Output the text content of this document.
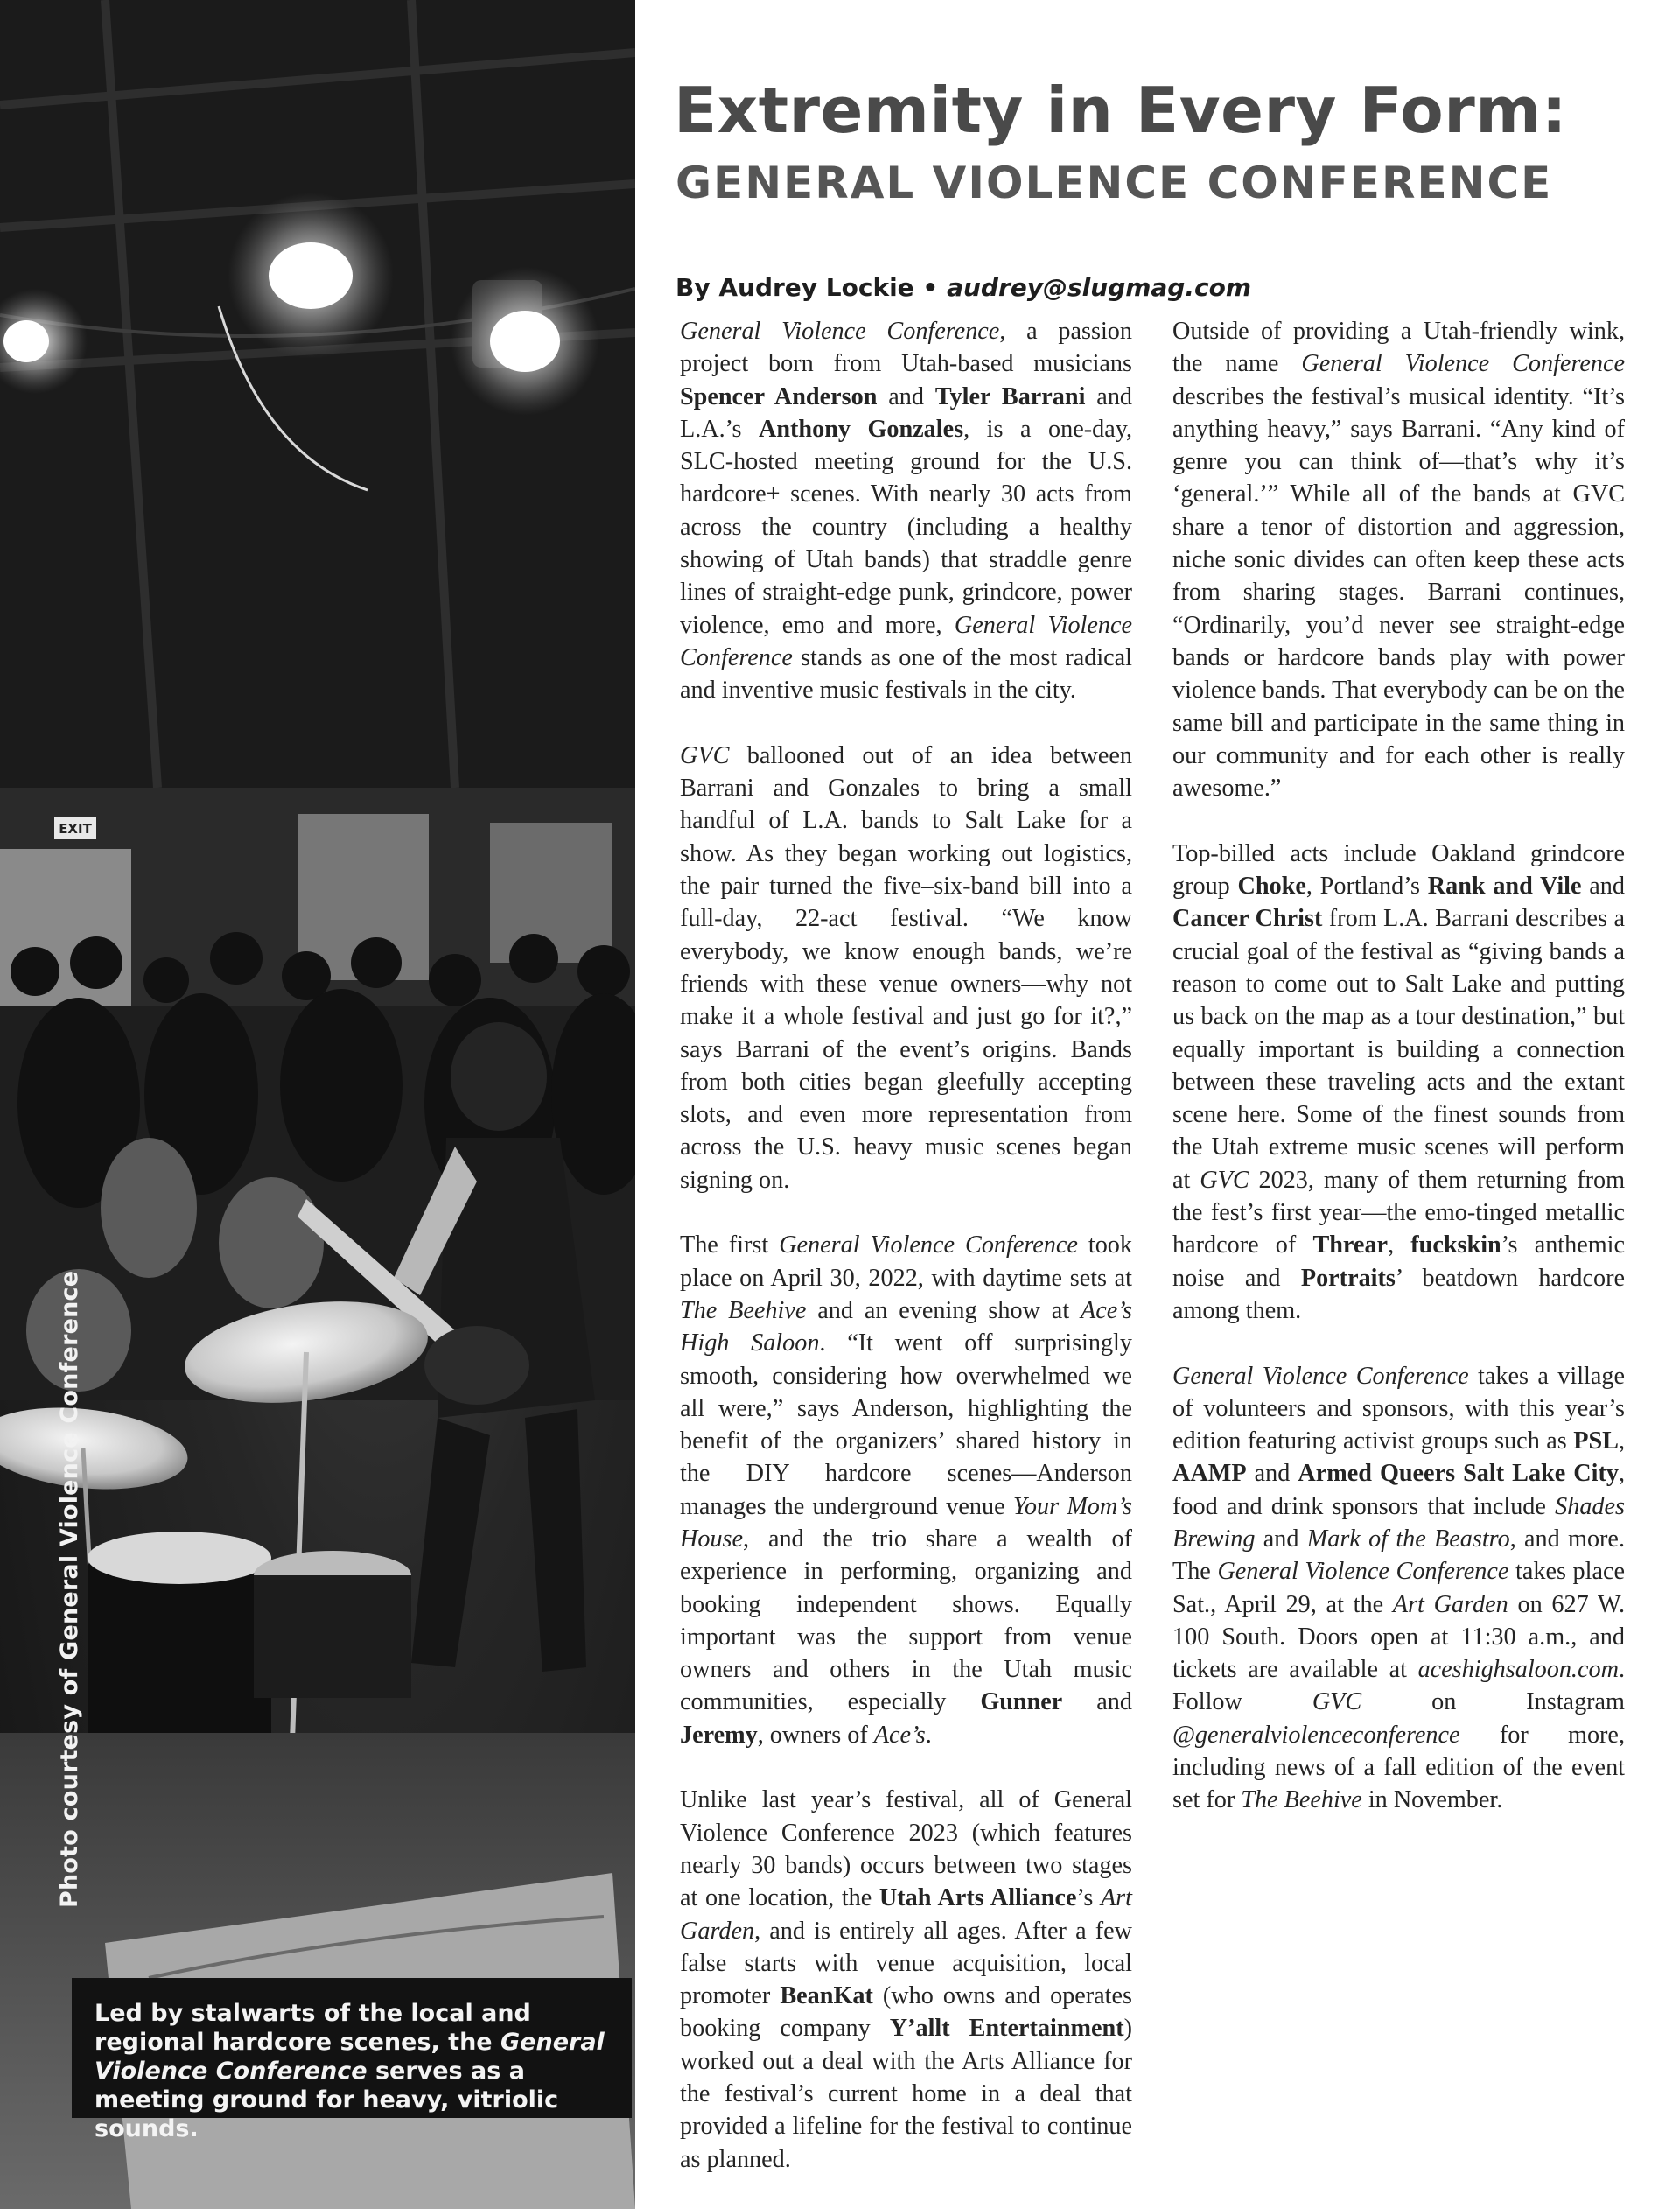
EXIT
Photo courtesy of General Violence Conference
Led by stalwarts of the local and regional hardcore scenes, the General Violence Conference serves as a meeting ground for heavy, vitriolic sounds.
Extremity in Every Form:
GENERAL VIOLENCE CONFERENCE
By Audrey Lockie • audrey@slugmag.com

General Violence Conference, a passion project born from Utah-based musicians Spencer Anderson and Tyler Barrani and L.A.’s Anthony Gonzales, is a one-day, SLC-hosted meeting ground for the U.S. hardcore+ scenes. With nearly 30 acts from across the country (including a healthy showing of Utah bands) that straddle genre lines of straight-edge punk, grindcore, power violence, emo and more, General Violence Conference stands as one of the most radical and inventive music festivals in the city.

GVC ballooned out of an idea between Barrani and Gonzales to bring a small handful of L.A. bands to Salt Lake for a show. As they began working out logistics, the pair turned the five–six-band bill into a full-day, 22-act festival. “We know everybody, we know enough bands, we’re friends with these venue owners—why not make it a whole festival and just go for it?,” says Barrani of the event’s origins. Bands from both cities began gleefully accepting slots, and even more representation from across the U.S. heavy music scenes began signing on.

The first General Violence Conference took place on April 30, 2022, with daytime sets at The Beehive and an evening show at Ace’s High Saloon. “It went off surprisingly smooth, considering how overwhelmed we all were,” says Anderson, highlighting the benefit of the organizers’ shared history in the DIY hardcore scenes—Anderson manages the underground venue Your Mom’s House, and the trio share a wealth of experience in performing, organizing and booking independent shows. Equally important was the support from venue owners and others in the Utah music communities, especially Gunner and Jeremy, owners of Ace’s.

Unlike last year’s festival, all of General Violence Conference 2023 (which features nearly 30 bands) occurs between two stages at one location, the Utah Arts Alliance’s Art Garden, and is entirely all ages. After a few false starts with venue acquisition, local promoter BeanKat (who owns and operates booking company Y’allt Entertainment) worked out a deal with the Arts Alliance for the festival’s current home in a deal that provided a lifeline for the festival to continue as planned.

Outside of providing a Utah-friendly wink, the name General Violence Conference describes the festival’s musical identity. “It’s anything heavy,” says Barrani. “Any kind of genre you can think of—that’s why it’s ‘general.’” While all of the bands at GVC share a tenor of distortion and aggression, niche sonic divides can often keep these acts from sharing stages. Barrani continues, “Ordinarily, you’d never see straight-edge bands or hardcore bands play with power violence bands. That everybody can be on the same bill and participate in the same thing in our community and for each other is really awesome.”

Top-billed acts include Oakland grindcore group Choke, Portland’s Rank and Vile and Cancer Christ from L.A. Barrani describes a crucial goal of the festival as “giving bands a reason to come out to Salt Lake and putting us back on the map as a tour destination,” but equally important is building a connection between these traveling acts and the extant scene here. Some of the finest sounds from the Utah extreme music scenes will perform at GVC 2023, many of them returning from the fest’s first year—the emo-tinged metallic hardcore of Threar, fuckskin’s anthemic noise and Portraits’ beatdown hardcore among them.

General Violence Conference takes a village of volunteers and sponsors, with this year’s edition featuring activist groups such as PSL, AAMP and Armed Queers Salt Lake City, food and drink sponsors that include Shades Brewing and Mark of the Beastro, and more. The General Violence Conference takes place Sat., April 29, at the Art Garden on 627 W. 100 South. Doors open at 11:30 a.m., and tickets are available at aceshighsaloon.com. Follow GVC on Instagram @generalviolenceconference for more, including news of a fall edition of the event set for The Beehive in November.
